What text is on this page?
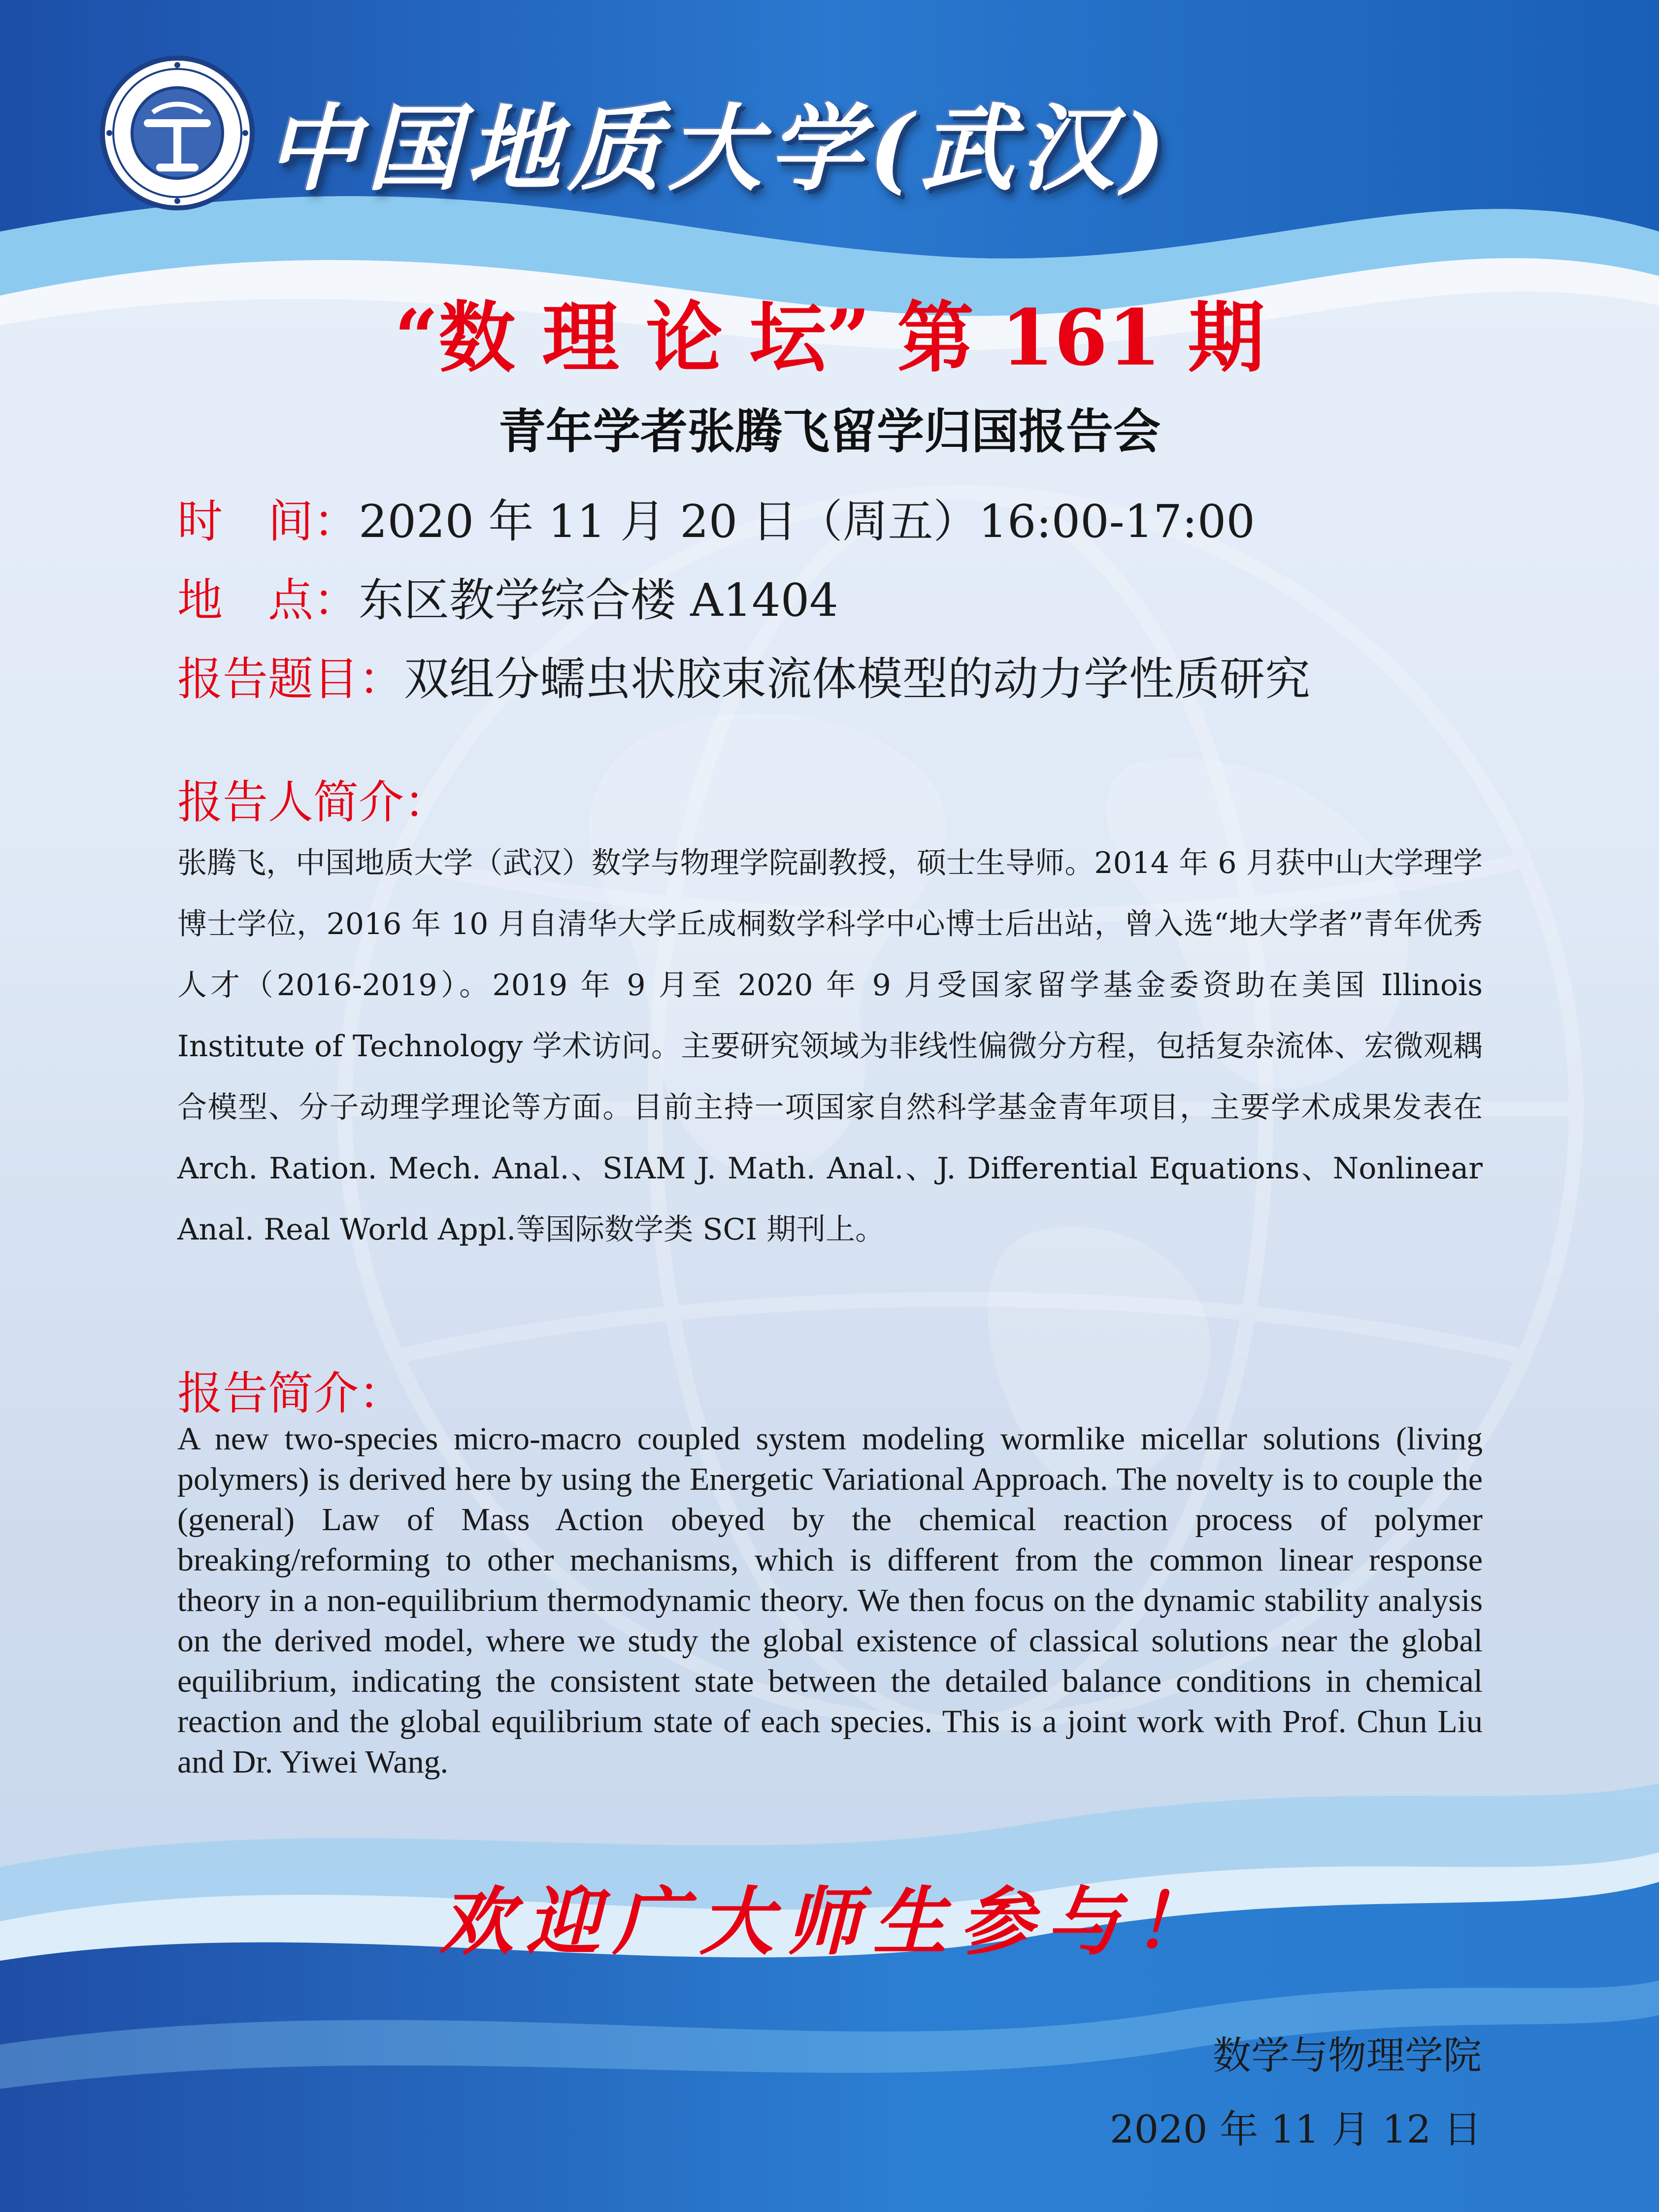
中国地质大学(武汉)
“数 理 论 坛” 第 161 期
青年学者张腾飞留学归国报告会
时　间：2020 年 11 月 20 日（周五）16:00-17:00
地　点：东区教学综合楼 A1404
报告题目：双组分蠕虫状胶束流体模型的动力学性质研究
报告人简介：

张腾飞，中国地质大学（武汉）数学与物理学院副教授，硕士生导师。2014 年 6 月获中山大学理学博士学位，2016 年 10 月自清华大学丘成桐数学科学中心博士后出站，曾入选“地大学者”青年优秀人才（2016-2019）。2019 年 9 月至 2020 年 9 月受国家留学基金委资助在美国 Illinois Institute of Technology 学术访问。主要研究领域为非线性偏微分方程，包括复杂流体、宏微观耦合模型、分子动理学理论等方面。目前主持一项国家自然科学基金青年项目，主要学术成果发表在 Arch. Ration. Mech. Anal.、SIAM J. Math. Anal.、J. Differential Equations、Nonlinear Anal. Real World Appl.等国际数学类 SCI 期刊上。

报告简介：

A new two-species micro-macro coupled system modeling wormlike micellar solutions (living polymers) is derived here by using the Energetic Variational Approach. The novelty is to couple the (general) Law of Mass Action obeyed by the chemical reaction process of polymer breaking/reforming to other mechanisms, which is different from the common linear response theory in a non-equilibrium thermodynamic theory. We then focus on the dynamic stability analysis on the derived model, where we study the global existence of classical solutions near the global equilibrium, indicating the consistent state between the detailed balance conditions in chemical reaction and the global equilibrium state of each species. This is a joint work with Prof. Chun Liu and Dr. Yiwei Wang.

欢迎广大师生参与！
数学与物理学院
2020 年 11 月 12 日
